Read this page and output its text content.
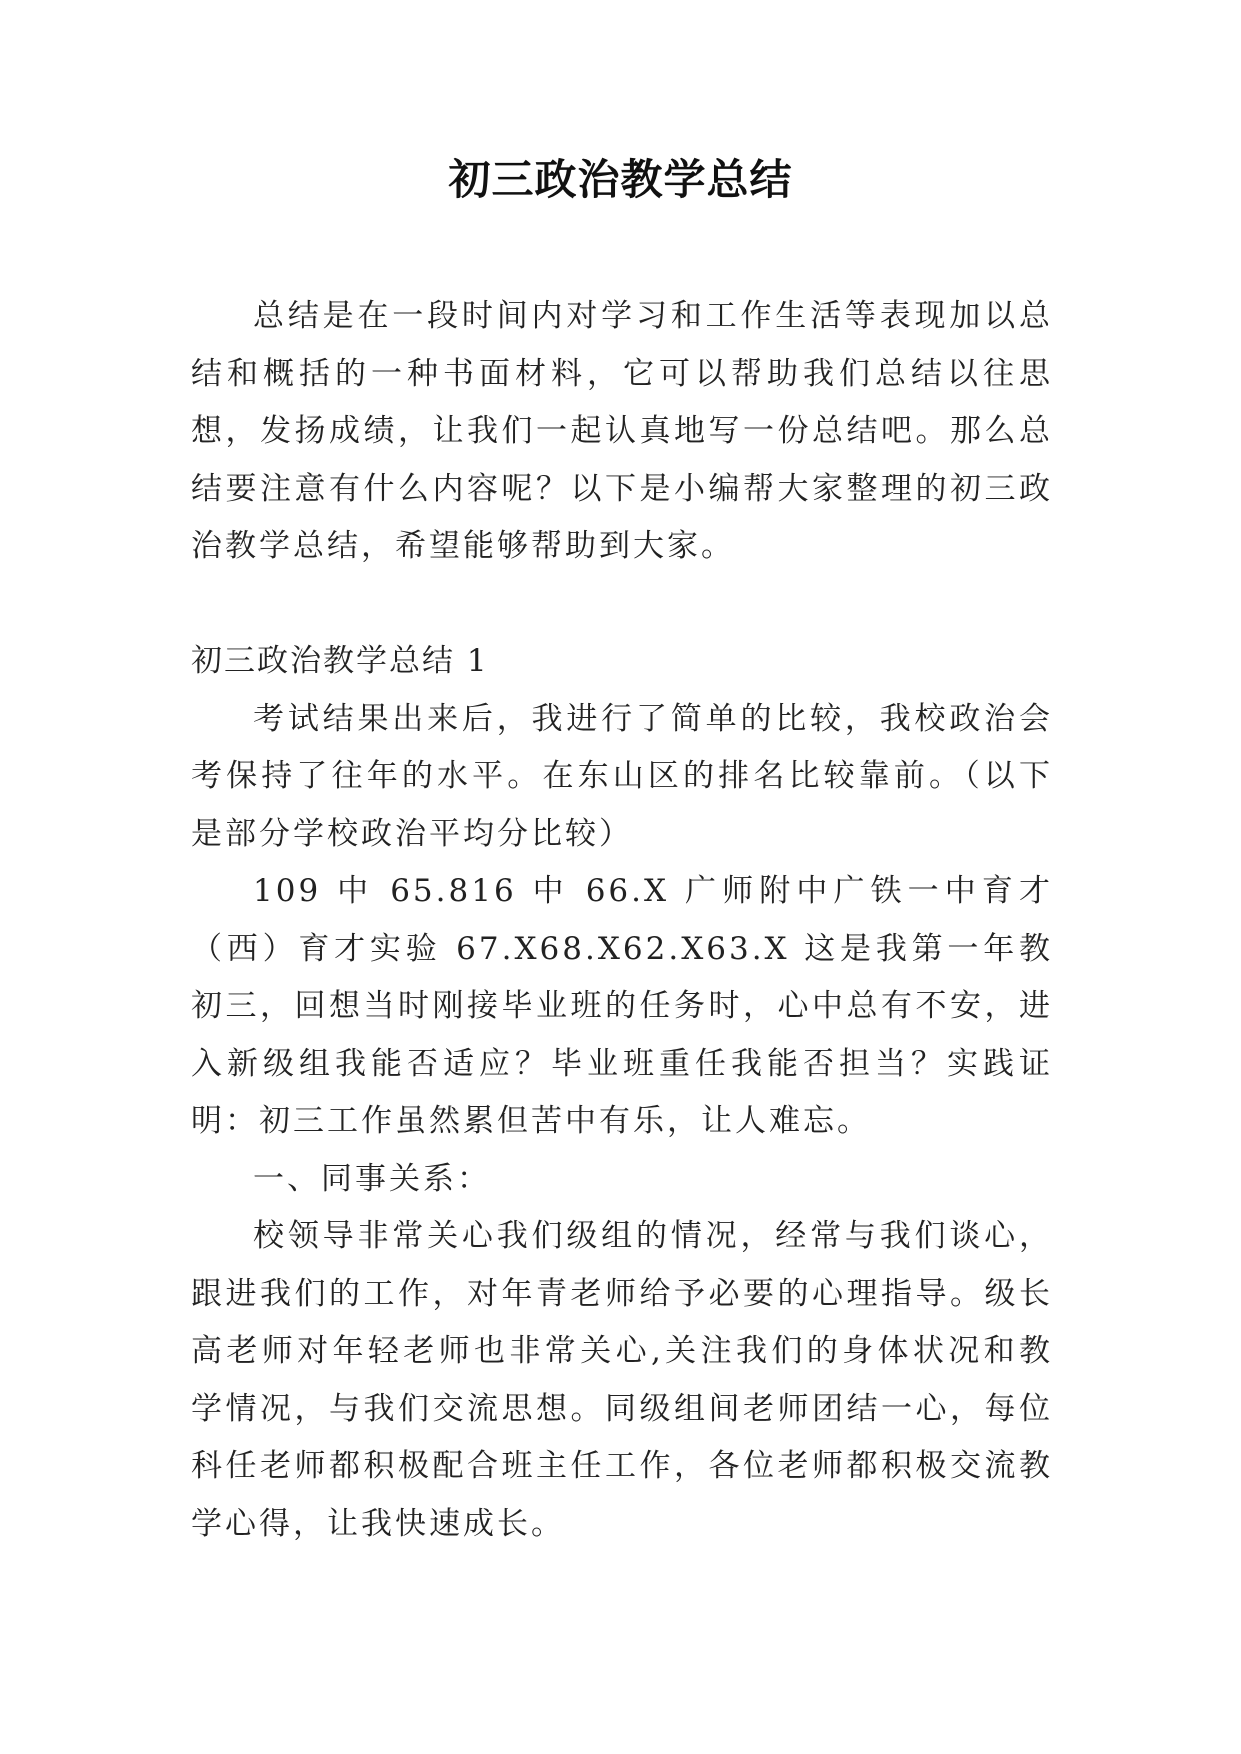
初三政治教学总结

总结是在一段时间内对学习和工作生活等表现加以总结和概括的一种书面材料，它可以帮助我们总结以往思想，发扬成绩，让我们一起认真地写一份总结吧。那么总结要注意有什么内容呢？以下是小编帮大家整理的初三政治教学总结，希望能够帮助到大家。

初三政治教学总结 1

考试结果出来后，我进行了简单的比较，我校政治会考保持了往年的水平。在东山区的排名比较靠前。（以下是部分学校政治平均分比较）

109 中 65.816 中 66.X 广师附中广铁一中育才（西）育才实验 67.X68.X62.X63.X 这是我第一年教初三，回想当时刚接毕业班的任务时，心中总有不安，进入新级组我能否适应？毕业班重任我能否担当？实践证明：初三工作虽然累但苦中有乐，让人难忘。

一、同事关系：

校领导非常关心我们级组的情况，经常与我们谈心，跟进我们的工作，对年青老师给予必要的心理指导。级长高老师对年轻老师也非常关心,关注我们的身体状况和教学情况，与我们交流思想。同级组间老师团结一心，每位科任老师都积极配合班主任工作，各位老师都积极交流教学心得，让我快速成长。
